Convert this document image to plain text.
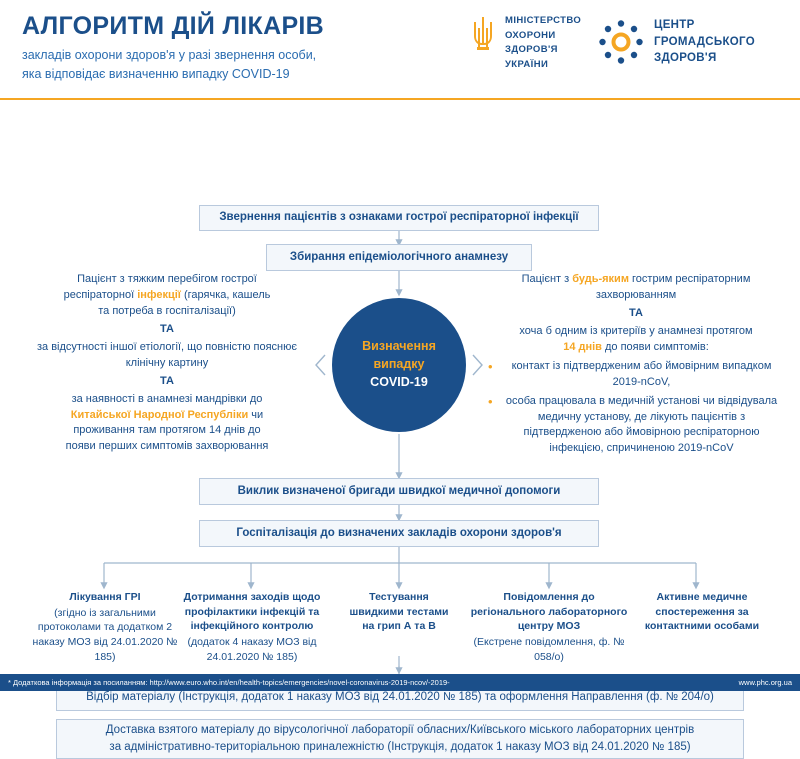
АЛГОРИТМ ДІЙ ЛІКАРІВ
закладів охорони здоров'я у разі звернення особи,
яка відповідає визначенню випадку COVID-19
МІНІСТЕРСТВО
ОХОРОНИ
ЗДОРОВ'Я
УКРАЇНИ
ЦЕНТР
ГРОМАДСЬКОГО
ЗДОРОВ'Я
Звернення пацієнтів з ознаками гострої респіраторної інфекції
Збирання епідеміологічного анамнезу
Визначення
випадку
COVID-19
Пацієнт з тяжким перебігом гострої
респіраторної інфекції (гарячка, кашель
та потреба в госпіталізації)
ТА
за відсутності іншої етіології, що повністю пояснює клінічну картину
ТА
за наявності в анамнезі мандрівки до
Китайської Народної Республіки чи
проживання там протягом 14 днів до
появи перших симптомів захворювання
Пацієнт з будь-яким гострим респіраторним
захворюванням
ТА
хоча б одним із критеріїв у анамнезі протягом
14 днів до появи симптомів:
• контакт із підтвердженим або ймовірним випадком 2019-nCoV,
• особа працювала в медичній установі чи відвідувала медичну установу, де лікують пацієнтів з підтвердженою або ймовірною респіраторною інфекцією, спричиненою 2019-nCoV
Виклик визначеної бригади швидкої медичної допомоги
Госпіталізація до визначених закладів охорони здоров'я
Лікування ГРІ
(згідно із загальними протоколами та додатком 2 наказу МОЗ від 24.01.2020 № 185)
Дотримання заходів щодо профілактики інфекцій та інфекційного контролю
(додаток 4 наказу МОЗ від 24.01.2020 № 185)
Тестування швидкими тестами на грип А та В
Повідомлення до регіонального лабораторного центру МОЗ
(Екстрене повідомлення, ф. № 058/о)
Активне медичне спостереження за контактними особами
Відбір матеріалу (Інструкція, додаток 1 наказу МОЗ від 24.01.2020 № 185) та оформлення Направлення (ф. № 204/о)
Доставка взятого матеріалу до вірусологічної лабораторії обласних/Київського міського лабораторних центрів
за адміністративно-територіальною приналежністю (Інструкція, додаток 1 наказу МОЗ від 24.01.2020 № 185)
* Додаткова інформація за посиланням: http://www.euro.who.int/en/health-topics/emergencies/novel-coronavirus-2019-ncov/-2019-	www.phc.org.ua
